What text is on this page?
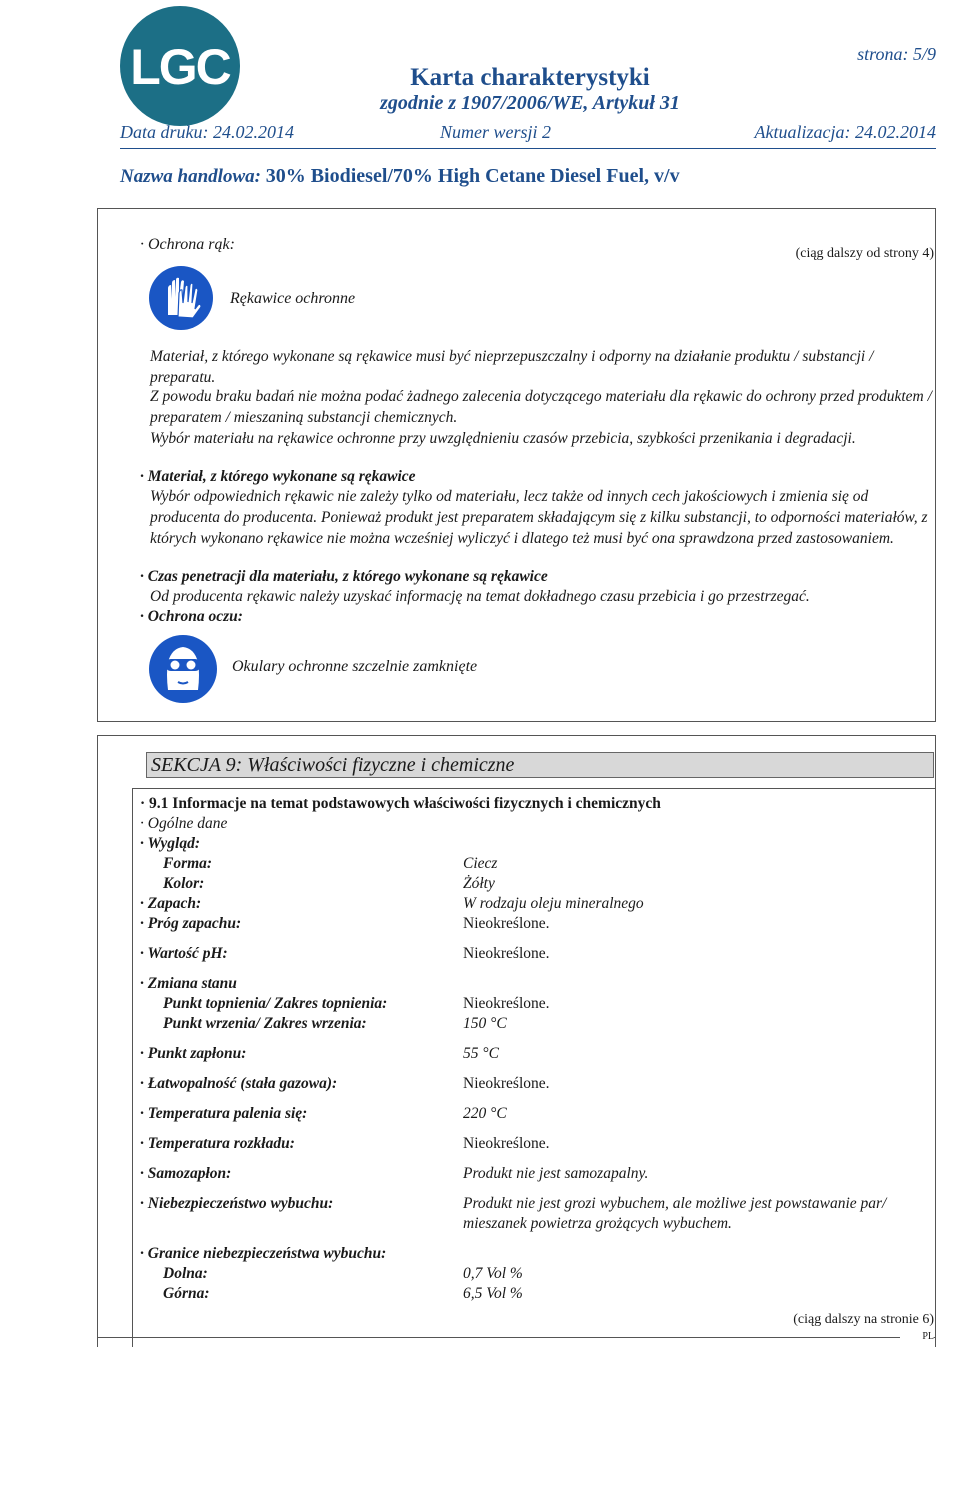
LGC	Karta charakterystyki
zgodnie z 1907/2006/WE, Artykuł 31
strona: 5/9
Data druku: 24.02.2014	Numer wersji 2	Aktualizacja: 24.02.2014
Nazwa handlowa: 30% Biodiesel/70% High Cetane Diesel Fuel, v/v
(ciąg dalszy od strony 4)
· Ochrona rąk:
Rękawice ochronne
Materiał, z którego wykonane są rękawice musi być nieprzepuszczalny i odporny na działanie produktu / substancji / preparatu.
Z powodu braku badań nie można podać żadnego zalecenia dotyczącego materiału dla rękawic do ochrony przed produktem / preparatem / mieszaniną substancji chemicznych.
Wybór materiału na rękawice ochronne przy uwzględnieniu czasów przebicia, szybkości przenikania i degradacji.
· Materiał, z którego wykonane są rękawice
Wybór odpowiednich rękawic nie zależy tylko od materiału, lecz także od innych cech jakościowych i zmienia się od producenta do producenta. Ponieważ produkt jest preparatem składającym się z kilku substancji, to odporności materiałów, z których wykonano rękawice nie można wcześniej wyliczyć i dlatego też musi być ona sprawdzona przed zastosowaniem.
· Czas penetracji dla materiału, z którego wykonane są rękawice
Od producenta rękawic należy uzyskać informację na temat dokładnego czasu przebicia i go przestrzegać.
· Ochrona oczu:
Okulary ochronne szczelnie zamknięte
SEKCJA 9: Właściwości fizyczne i chemiczne
· 9.1 Informacje na temat podstawowych właściwości fizycznych i chemicznych
· Ogólne dane
· Wygląd:
Forma:	Ciecz
Kolor:	Żółty
· Zapach:	W rodzaju oleju mineralnego
· Próg zapachu:	Nieokreślone.
· Wartość pH:	Nieokreślone.
· Zmiana stanu
Punkt topnienia/ Zakres topnienia:	Nieokreślone.
Punkt wrzenia/ Zakres wrzenia:	150 °C
· Punkt zapłonu:	55 °C
· Łatwopalność (stała gazowa):	Nieokreślone.
· Temperatura palenia się:	220 °C
· Temperatura rozkładu:	Nieokreślone.
· Samozapłon:	Produkt nie jest samozapalny.
· Niebezpieczeństwo wybuchu:	Produkt nie jest grozi wybuchem, ale możliwe jest powstawanie par/ mieszanek powietrza grożących wybuchem.
· Granice niebezpieczeństwa wybuchu:
Dolna:	0,7 Vol %
Górna:	6,5 Vol %
(ciąg dalszy na stronie 6)
PL
